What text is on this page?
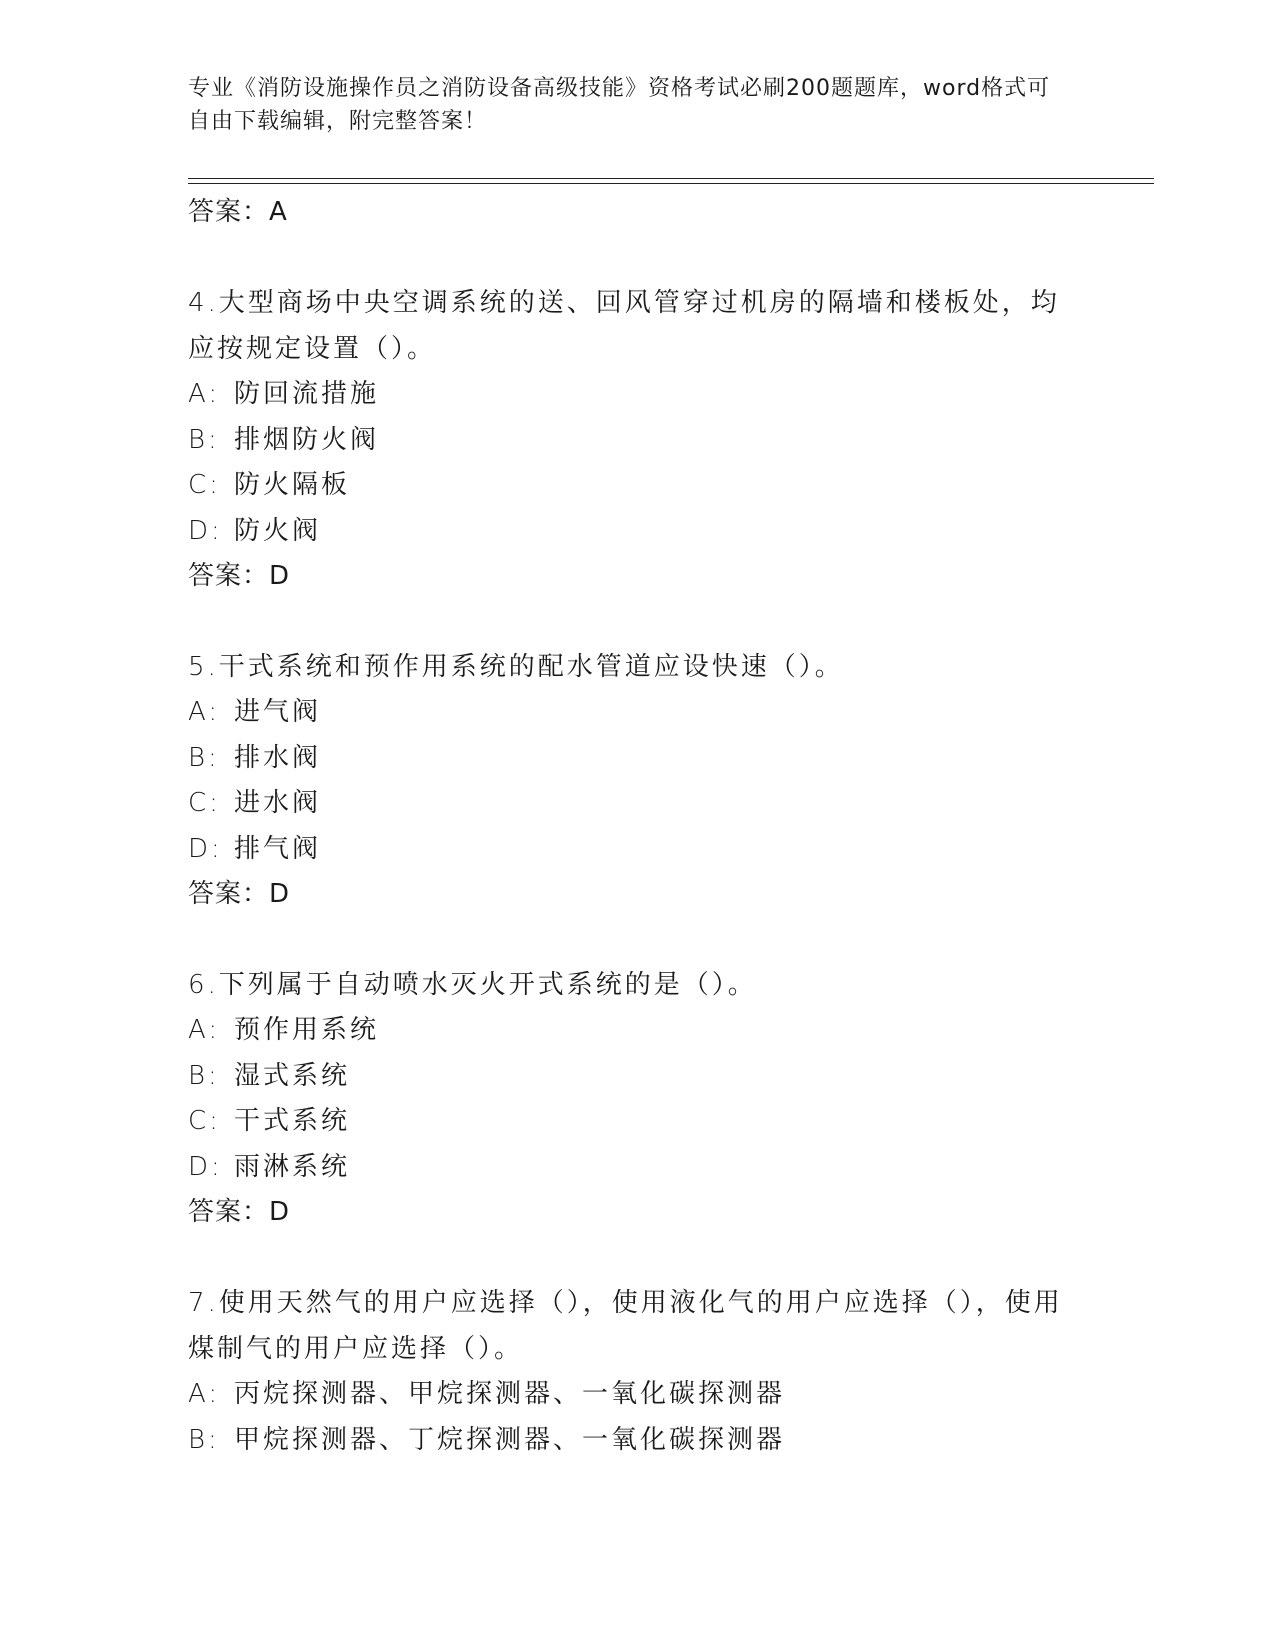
专业《消防设施操作员之消防设备高级技能》资格考试必刷200题题库，word格式可自由下载编辑，附完整答案！
答案：A
4.大型商场中央空调系统的送、回风管穿过机房的隔墙和楼板处，均应按规定设置（）。
A: 防回流措施
B: 排烟防火阀
C: 防火隔板
D: 防火阀
答案：D
5.干式系统和预作用系统的配水管道应设快速（）。
A: 进气阀
B: 排水阀
C: 进水阀
D: 排气阀
答案：D
6.下列属于自动喷水灭火开式系统的是（）。
A: 预作用系统
B: 湿式系统
C: 干式系统
D: 雨淋系统
答案：D
7.使用天然气的用户应选择（），使用液化气的用户应选择（），使用煤制气的用户应选择（）。
A: 丙烷探测器、甲烷探测器、一氧化碳探测器
B: 甲烷探测器、丁烷探测器、一氧化碳探测器
